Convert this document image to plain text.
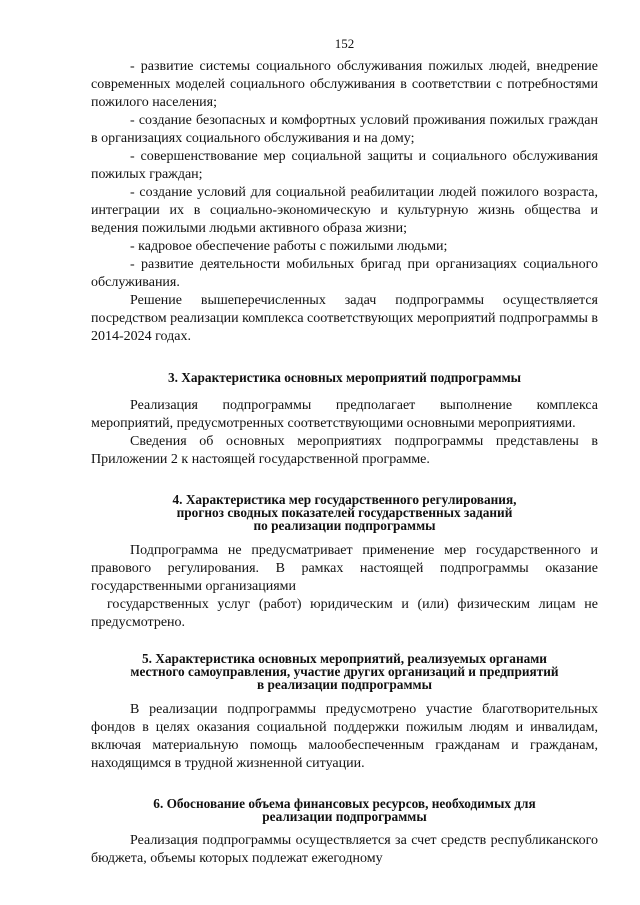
152

- развитие системы социального обслуживания пожилых людей, внедрение современных моделей социального обслуживания в соответствии с потребностями пожилого населения;

- создание безопасных и комфортных условий проживания пожилых граждан в организациях социального обслуживания и на дому;

- совершенствование мер социальной защиты и социального обслуживания пожилых граждан;

- создание условий для социальной реабилитации людей пожилого возраста, интеграции их в социально-экономическую и культурную жизнь общества и ведения пожилыми людьми активного образа жизни;

- кадровое обеспечение работы с пожилыми людьми;

- развитие деятельности мобильных бригад при организациях социального обслуживания.

Решение вышеперечисленных задач подпрограммы осуществляется посредством реализации комплекса соответствующих мероприятий подпрограммы в 2014-2024 годах.

3. Характеристика основных мероприятий подпрограммы

Реализация подпрограммы предполагает выполнение комплекса мероприятий, предусмотренных соответствующими основными мероприятиями.

Сведения об основных мероприятиях подпрограммы представлены в Приложении 2 к настоящей государственной программе.

4. Характеристика мер государственного регулирования,
прогноз сводных показателей государственных заданий
по реализации подпрограммы

Подпрограмма не предусматривает применение мер государственного и правового регулирования. В рамках настоящей подпрограммы оказание государственными организациями

государственных услуг (работ) юридическим и (или) физическим лицам не предусмотрено.

5. Характеристика основных мероприятий, реализуемых органами
местного самоуправления, участие других организаций и предприятий
в реализации подпрограммы

В реализации подпрограммы предусмотрено участие благотворительных фондов в целях оказания социальной поддержки пожилым людям и инвалидам, включая материальную помощь малообеспеченным гражданам и гражданам, находящимся в трудной жизненной ситуации.

6. Обоснование объема финансовых ресурсов, необходимых для
реализации подпрограммы

Реализация подпрограммы осуществляется за счет средств республиканского бюджета, объемы которых подлежат ежегодному
